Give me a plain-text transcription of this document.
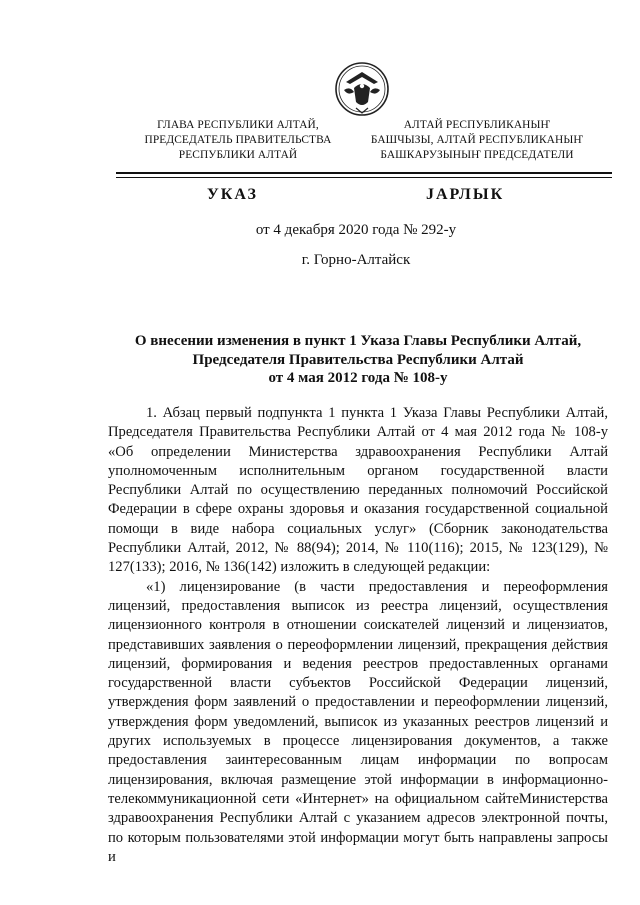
ГЛАВА РЕСПУБЛИКИ АЛТАЙ,
ПРЕДСЕДАТЕЛЬ ПРАВИТЕЛЬСТВА
РЕСПУБЛИКИ АЛТАЙ
АЛТАЙ РЕСПУБЛИКАНЫҤ
БАШЧЫЗЫ, АЛТАЙ РЕСПУБЛИКАНЫҤ
БАШКАРУЗЫНЫҤ ПРЕДСЕДАТЕЛИ
УКАЗ	JАРЛЫК
от 4 декабря 2020 года № 292-у
г. Горно-Алтайск
О внесении изменения в пункт 1 Указа Главы Республики Алтай,
Председателя Правительства Республики Алтай
от 4 мая 2012 года № 108-у

1. Абзац первый подпункта 1 пункта 1 Указа Главы Республики Алтай, Председателя Правительства Республики Алтай от 4 мая 2012 года № 108-у «Об определении Министерства здравоохранения Республики Алтай уполномоченным исполнительным органом государственной власти Республики Алтай по осуществлению переданных полномочий Российской Федерации в сфере охраны здоровья и оказания государственной социальной помощи в виде набора социальных услуг» (Сборник законодательства Республики Алтай, 2012, № 88(94); 2014, № 110(116); 2015, № 123(129), № 127(133); 2016, № 136(142) изложить в следующей редакции:

«1) лицензирование (в части предоставления и переоформления лицензий, предоставления выписок из реестра лицензий, осуществления лицензионного контроля в отношении соискателей лицензий и лицензиатов, представивших заявления о переоформлении лицензий, прекращения действия лицензий, формирования и ведения реестров предоставленных органами государственной власти субъектов Российской Федерации лицензий, утверждения форм заявлений о предоставлении и переоформлении лицензий, утверждения форм уведомлений, выписок из указанных реестров лицензий и других используемых в процессе лицензирования документов, а также предоставления заинтересованным лицам информации по вопросам лицензирования, включая размещение этой информации в информационно-телекоммуникационной сети «Интернет» на официальном сайтеМинистерства здравоохранения Республики Алтай с указанием адресов электронной почты, по которым пользователями этой информации могут быть направлены запросы и
